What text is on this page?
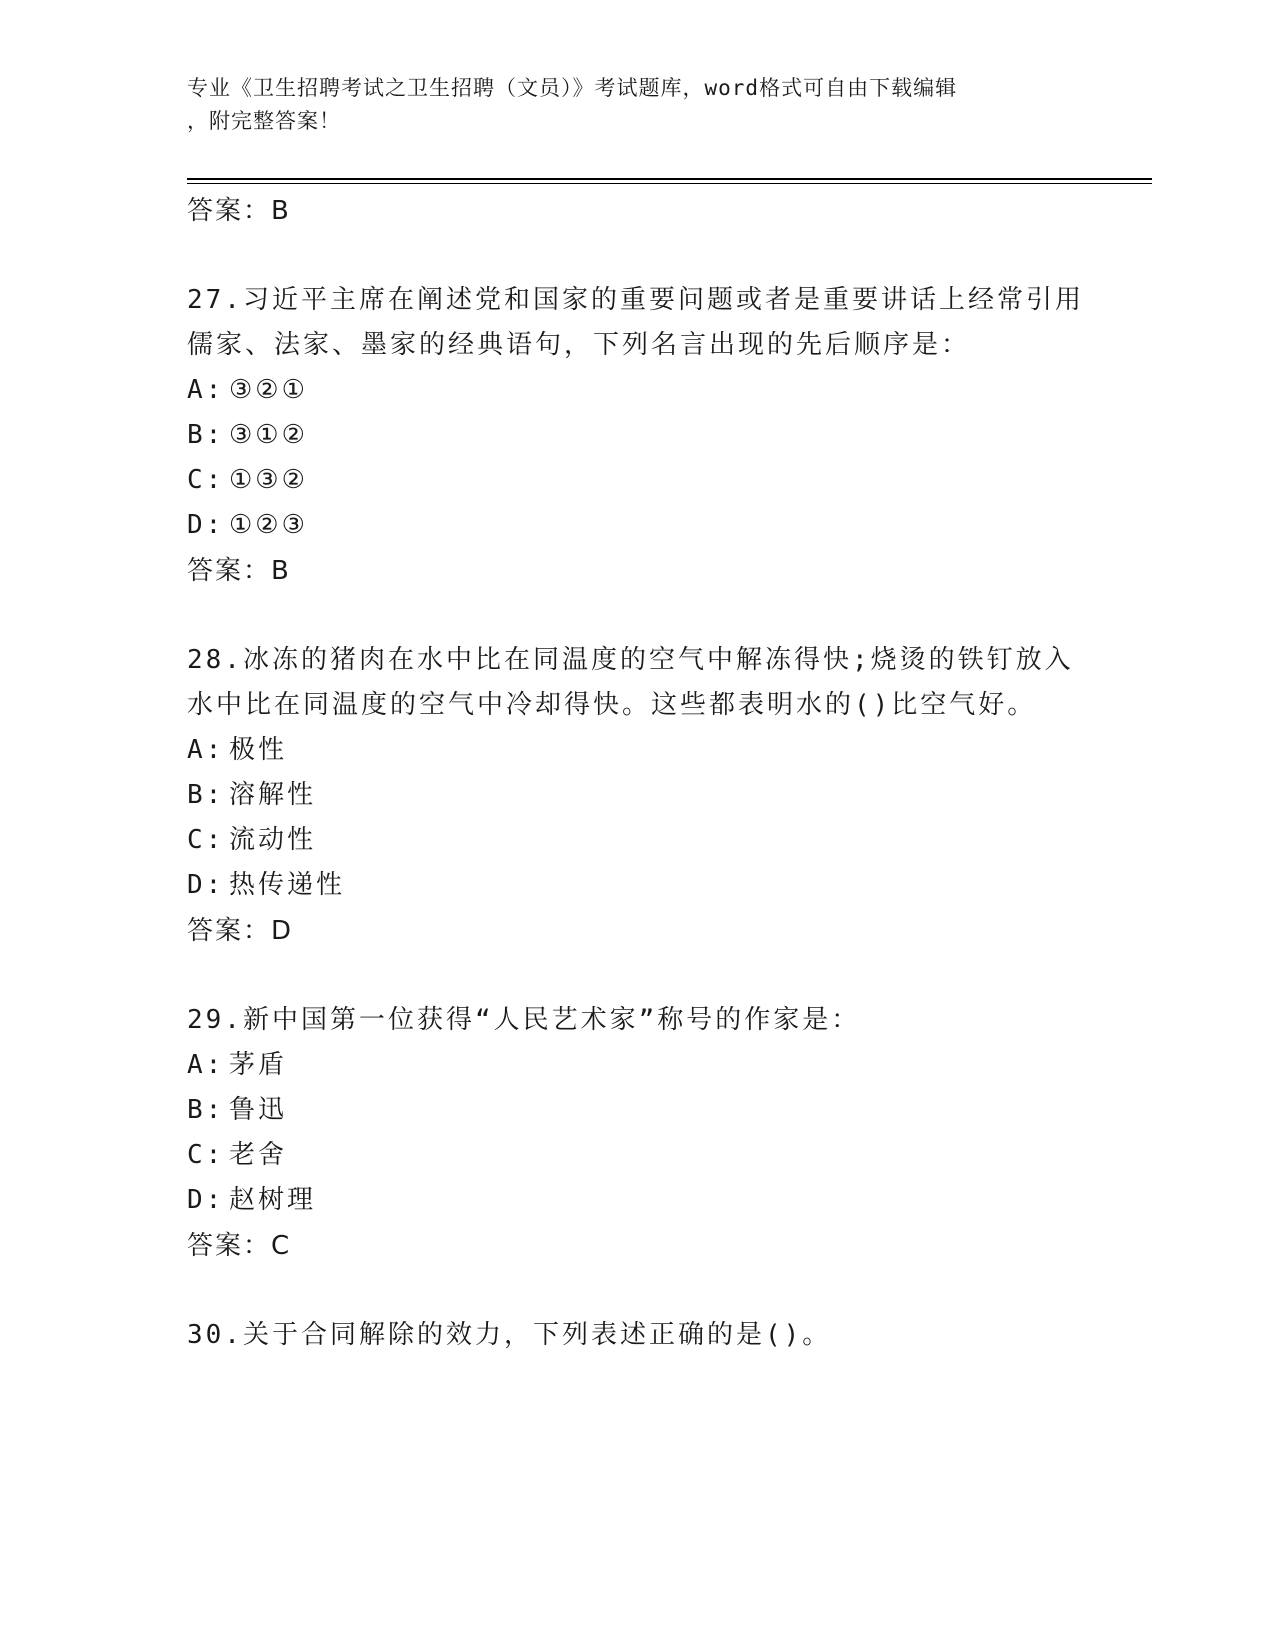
专业《卫生招聘考试之卫生招聘（文员）》考试题库，word格式可自由下载编辑
，附完整答案！
答案：B
27.习近平主席在阐述党和国家的重要问题或者是重要讲话上经常引用儒家、法家、墨家的经典语句，下列名言出现的先后顺序是：
A: ③②①
B: ③①②
C: ①③②
D: ①②③
答案：B
28.冰冻的猪肉在水中比在同温度的空气中解冻得快;烧烫的铁钉放入水中比在同温度的空气中冷却得快。这些都表明水的()比空气好。
A: 极性
B: 溶解性
C: 流动性
D: 热传递性
答案：D
29.新中国第一位获得“人民艺术家”称号的作家是：
A: 茅盾
B: 鲁迅
C: 老舍
D: 赵树理
答案：C
30.关于合同解除的效力，下列表述正确的是()。
